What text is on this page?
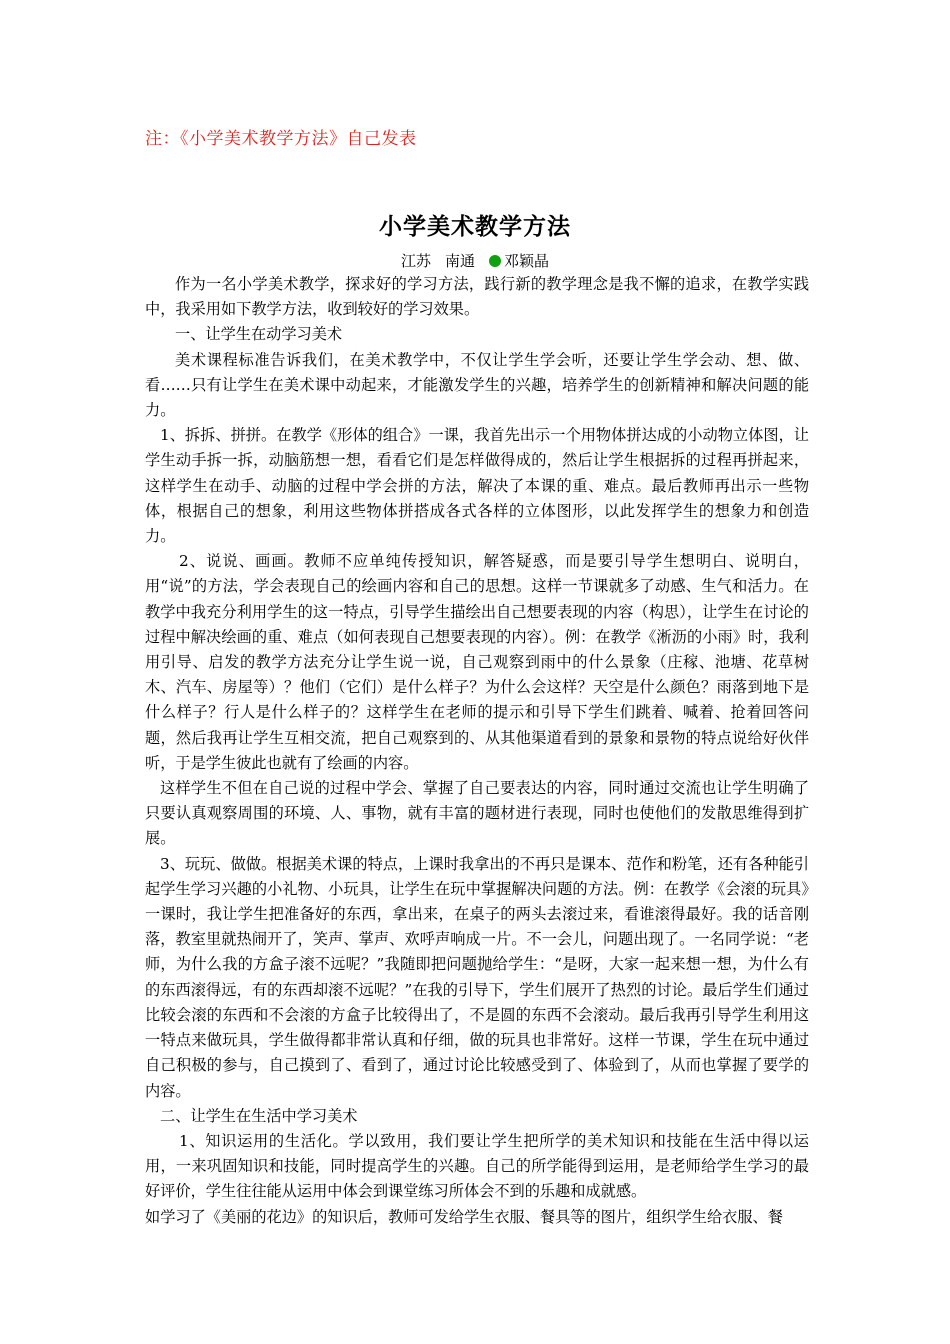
注：《小学美术教学方法》自己发表
小学美术教学方法
江苏 南通 邓颖晶

作为一名小学美术教学，探求好的学习方法，践行新的教学理念是我不懈的追求，在教学实践中，我采用如下教学方法，收到较好的学习效果。

一、让学生在动学习美术

美术课程标准告诉我们，在美术教学中，不仅让学生学会听，还要让学生学会动、想、做、看……只有让学生在美术课中动起来，才能激发学生的兴趣，培养学生的创新精神和解决问题的能力。

1、拆拆、拼拼。在教学《形体的组合》一课，我首先出示一个用物体拼达成的小动物立体图，让学生动手拆一拆，动脑筋想一想，看看它们是怎样做得成的，然后让学生根据拆的过程再拼起来，这样学生在动手、动脑的过程中学会拼的方法，解决了本课的重、难点。最后教师再出示一些物体，根据自己的想象，利用这些物体拼搭成各式各样的立体图形，以此发挥学生的想象力和创造力。

2、说说、画画。教师不应单纯传授知识，解答疑惑，而是要引导学生想明白、说明白，用“说”的方法，学会表现自己的绘画内容和自己的思想。这样一节课就多了动感、生气和活力。在教学中我充分利用学生的这一特点，引导学生描绘出自己想要表现的内容（构思），让学生在讨论的过程中解决绘画的重、难点（如何表现自己想要表现的内容）。例：在教学《淅沥的小雨》时，我利用引导、启发的教学方法充分让学生说一说，自己观察到雨中的什么景象（庄稼、池塘、花草树木、汽车、房屋等）？他们（它们）是什么样子？为什么会这样？天空是什么颜色？雨落到地下是什么样子？行人是什么样子的？这样学生在老师的提示和引导下学生们跳着、喊着、抢着回答问题，然后我再让学生互相交流，把自己观察到的、从其他渠道看到的景象和景物的特点说给好伙伴听，于是学生彼此也就有了绘画的内容。

这样学生不但在自己说的过程中学会、掌握了自己要表达的内容，同时通过交流也让学生明确了只要认真观察周围的环境、人、事物，就有丰富的题材进行表现，同时也使他们的发散思维得到扩展。

3、玩玩、做做。根据美术课的特点，上课时我拿出的不再只是课本、范作和粉笔，还有各种能引起学生学习兴趣的小礼物、小玩具，让学生在玩中掌握解决问题的方法。例：在教学《会滚的玩具》一课时，我让学生把准备好的东西，拿出来，在桌子的两头去滚过来，看谁滚得最好。我的话音刚落，教室里就热闹开了，笑声、掌声、欢呼声响成一片。不一会儿，问题出现了。一名同学说：“老师，为什么我的方盒子滚不远呢？”我随即把问题抛给学生：“是呀，大家一起来想一想，为什么有的东西滚得远，有的东西却滚不远呢？”在我的引导下，学生们展开了热烈的讨论。最后学生们通过比较会滚的东西和不会滚的方盒子比较得出了，不是圆的东西不会滚动。最后我再引导学生利用这一特点来做玩具，学生做得都非常认真和仔细，做的玩具也非常好。这样一节课，学生在玩中通过自己积极的参与，自己摸到了、看到了，通过讨论比较感受到了、体验到了，从而也掌握了要学的内容。

二、让学生在生活中学习美术

1、知识运用的生活化。学以致用，我们要让学生把所学的美术知识和技能在生活中得以运用，一来巩固知识和技能，同时提高学生的兴趣。自己的所学能得到运用，是老师给学生学习的最好评价，学生往往能从运用中体会到课堂练习所体会不到的乐趣和成就感。

如学习了《美丽的花边》的知识后，教师可发给学生衣服、餐具等的图片，组织学生给衣服、餐
